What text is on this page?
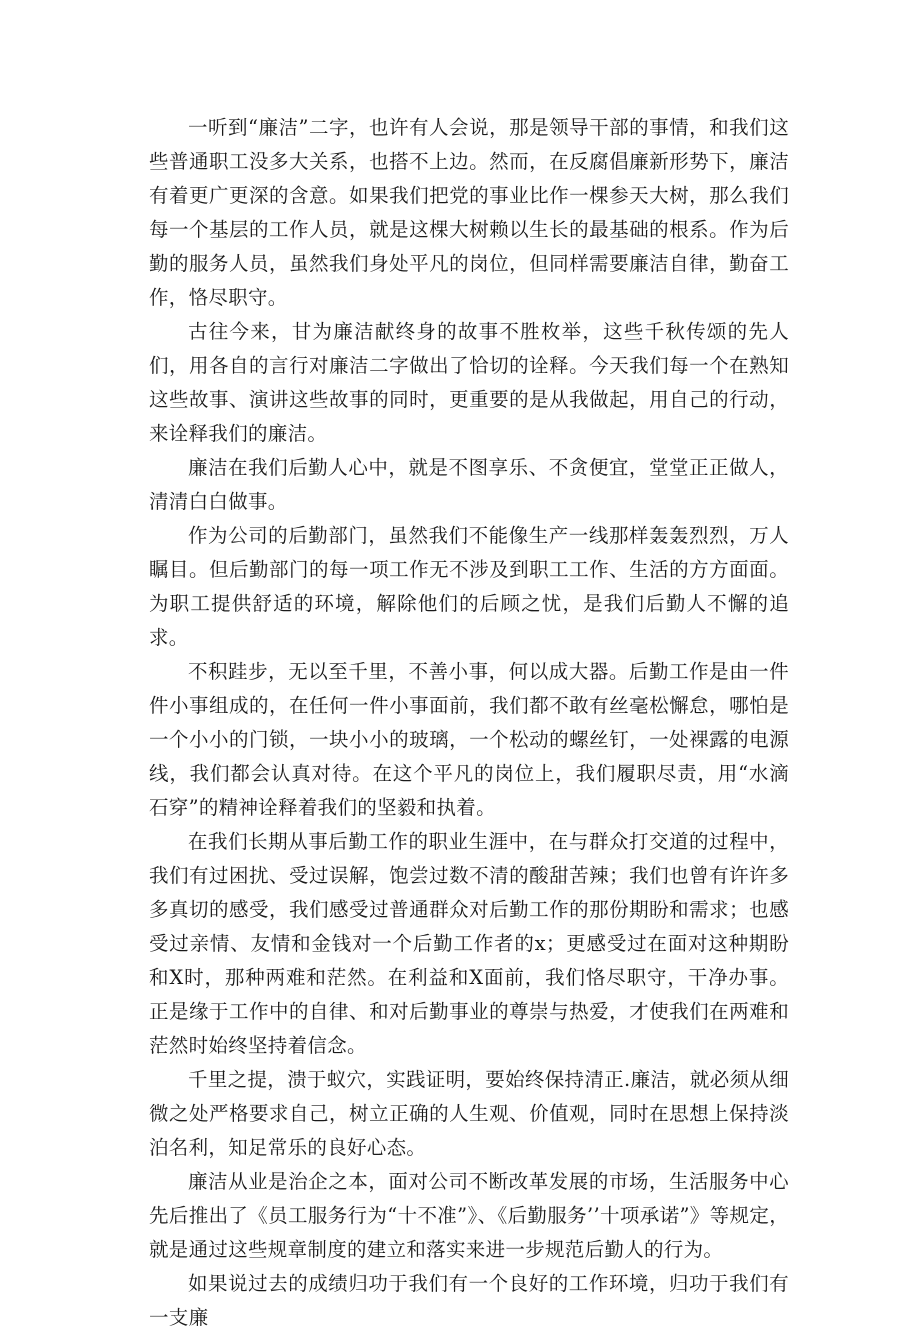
一听到“廉洁”二字，也许有人会说，那是领导干部的事情，和我们这些普通职工没多大关系，也搭不上边。然而，在反腐倡廉新形势下，廉洁有着更广更深的含意。如果我们把党的事业比作一棵参天大树，那么我们每一个基层的工作人员，就是这棵大树赖以生长的最基础的根系。作为后勤的服务人员，虽然我们身处平凡的岗位，但同样需要廉洁自律，勤奋工作，恪尽职守。

古往今来，甘为廉洁献终身的故事不胜枚举，这些千秋传颂的先人们，用各自的言行对廉洁二字做出了恰切的诠释。今天我们每一个在熟知这些故事、演讲这些故事的同时，更重要的是从我做起，用自己的行动，来诠释我们的廉洁。

廉洁在我们后勤人心中，就是不图享乐、不贪便宜，堂堂正正做人，清清白白做事。

作为公司的后勤部门，虽然我们不能像生产一线那样轰轰烈烈，万人瞩目。但后勤部门的每一项工作无不涉及到职工工作、生活的方方面面。为职工提供舒适的环境，解除他们的后顾之忧，是我们后勤人不懈的追求。

不积跬步，无以至千里，不善小事，何以成大器。后勤工作是由一件件小事组成的，在任何一件小事面前，我们都不敢有丝毫松懈怠，哪怕是一个小小的门锁，一块小小的玻璃，一个松动的螺丝钉，一处裸露的电源线，我们都会认真对待。在这个平凡的岗位上，我们履职尽责，用“水滴石穿”的精神诠释着我们的坚毅和执着。

在我们长期从事后勤工作的职业生涯中，在与群众打交道的过程中，我们有过困扰、受过误解，饱尝过数不清的酸甜苦辣；我们也曾有许许多多真切的感受，我们感受过普通群众对后勤工作的那份期盼和需求；也感受过亲情、友情和金钱对一个后勤工作者的x；更感受过在面对这种期盼和X时，那种两难和茫然。在利益和X面前，我们恪尽职守，干净办事。正是缘于工作中的自律、和对后勤事业的尊崇与热爱，才使我们在两难和茫然时始终坚持着信念。

千里之提，溃于蚁穴，实践证明，要始终保持清正.廉洁，就必须从细微之处严格要求自己，树立正确的人生观、价值观，同时在思想上保持淡泊名利，知足常乐的良好心态。

廉洁从业是治企之本，面对公司不断改革发展的市场，生活服务中心先后推出了《员工服务行为“十不准”》、《后勤服务’’十项承诺”》等规定，就是通过这些规章制度的建立和落实来进一步规范后勤人的行为。

如果说过去的成绩归功于我们有一个良好的工作环境，归功于我们有一支廉
